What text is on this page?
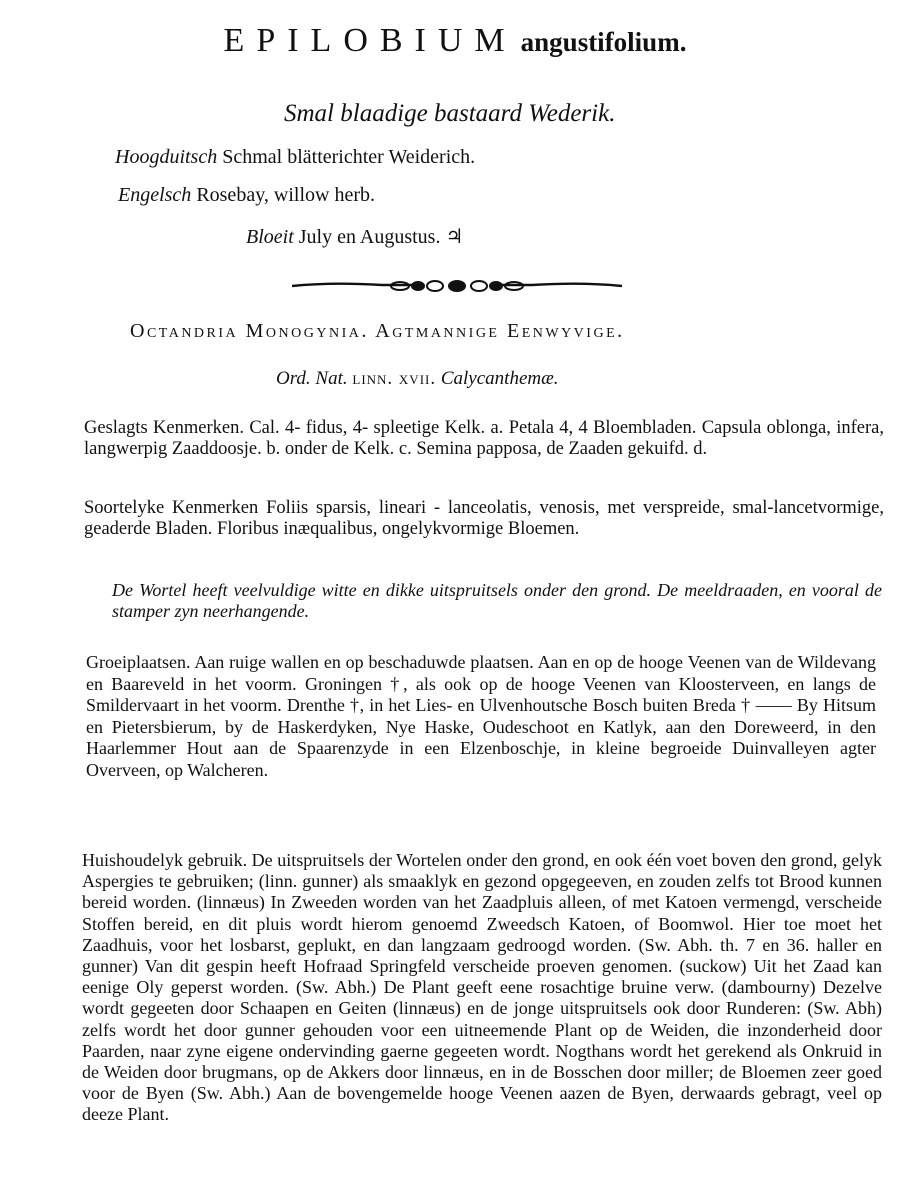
EPILOBIUM angustifolium.
Smal blaadige bastaard Wederik.
Hoogduitsch Schmal blätterichter Weiderich.
Engelsch Rosebay, willow herb.
Bloeit July en Augustus. ♃
Octandria Monogynia. Agtmannige Eenwyvige.
Ord. Nat. linn. xvii. Calycanthemæ.
Geslagts Kenmerken. Cal. 4- fidus, 4- spleetige Kelk. a. Petala 4, 4 Bloembladen. Capsula oblonga, infera, langwerpig Zaaddoosje. b. onder de Kelk. c. Semina papposa, de Zaaden gekuifd. d.
Soortelyke Kenmerken Foliis sparsis, lineari - lanceolatis, venosis, met verspreide, smal-lancetvormige, geaderde Bladen. Floribus inæqualibus, ongelykvormige Bloemen.
De Wortel heeft veelvuldige witte en dikke uitspruitsels onder den grond. De meeldraaden, en vooral de stamper zyn neerhangende.
Groeiplaatsen. Aan ruige wallen en op beschaduwde plaatsen. Aan en op de hooge Veenen van de Wildevang en Baareveld in het voorm. Groningen †, als ook op de hooge Veenen van Kloosterveen, en langs de Smildervaart in het voorm. Drenthe †, in het Lies- en Ulvenhoutsche Bosch buiten Breda † —— By Hitsum en Pietersbierum, by de Haskerdyken, Nye Haske, Oudeschoot en Katlyk, aan den Doreweerd, in den Haarlemmer Hout aan de Spaarenzyde in een Elzenboschje, in kleine begroeide Duinvalleyen agter Overveen, op Walcheren.
Huishoudelyk gebruik. De uitspruitsels der Wortelen onder den grond, en ook één voet boven den grond, gelyk Aspergies te gebruiken; (linn. gunner) als smaaklyk en gezond opgegeeven, en zouden zelfs tot Brood kunnen bereid worden. (linnæus) In Zweeden worden van het Zaadpluis alleen, of met Katoen vermengd, verscheide Stoffen bereid, en dit pluis wordt hierom genoemd Zweedsch Katoen, of Boomwol. Hier toe moet het Zaadhuis, voor het losbarst, geplukt, en dan langzaam gedroogd worden. (Sw. Abh. th. 7 en 36. haller en gunner) Van dit gespin heeft Hofraad Springfeld verscheide proeven genomen. (suckow) Uit het Zaad kan eenige Oly geperst worden. (Sw. Abh.) De Plant geeft eene rosachtige bruine verw. (dambourny) Dezelve wordt gegeeten door Schaapen en Geiten (linnæus) en de jonge uitspruitsels ook door Runderen: (Sw. Abh) zelfs wordt het door gunner gehouden voor een uitneemende Plant op de Weiden, die inzonderheid door Paarden, naar zyne eigene ondervinding gaerne gegeeten wordt. Nogthans wordt het gerekend als Onkruid in de Weiden door brugmans, op de Akkers door linnæus, en in de Bosschen door miller; de Bloemen zeer goed voor de Byen (Sw. Abh.) Aan de bovengemelde hooge Veenen aazen de Byen, derwaards gebragt, veel op deeze Plant.
